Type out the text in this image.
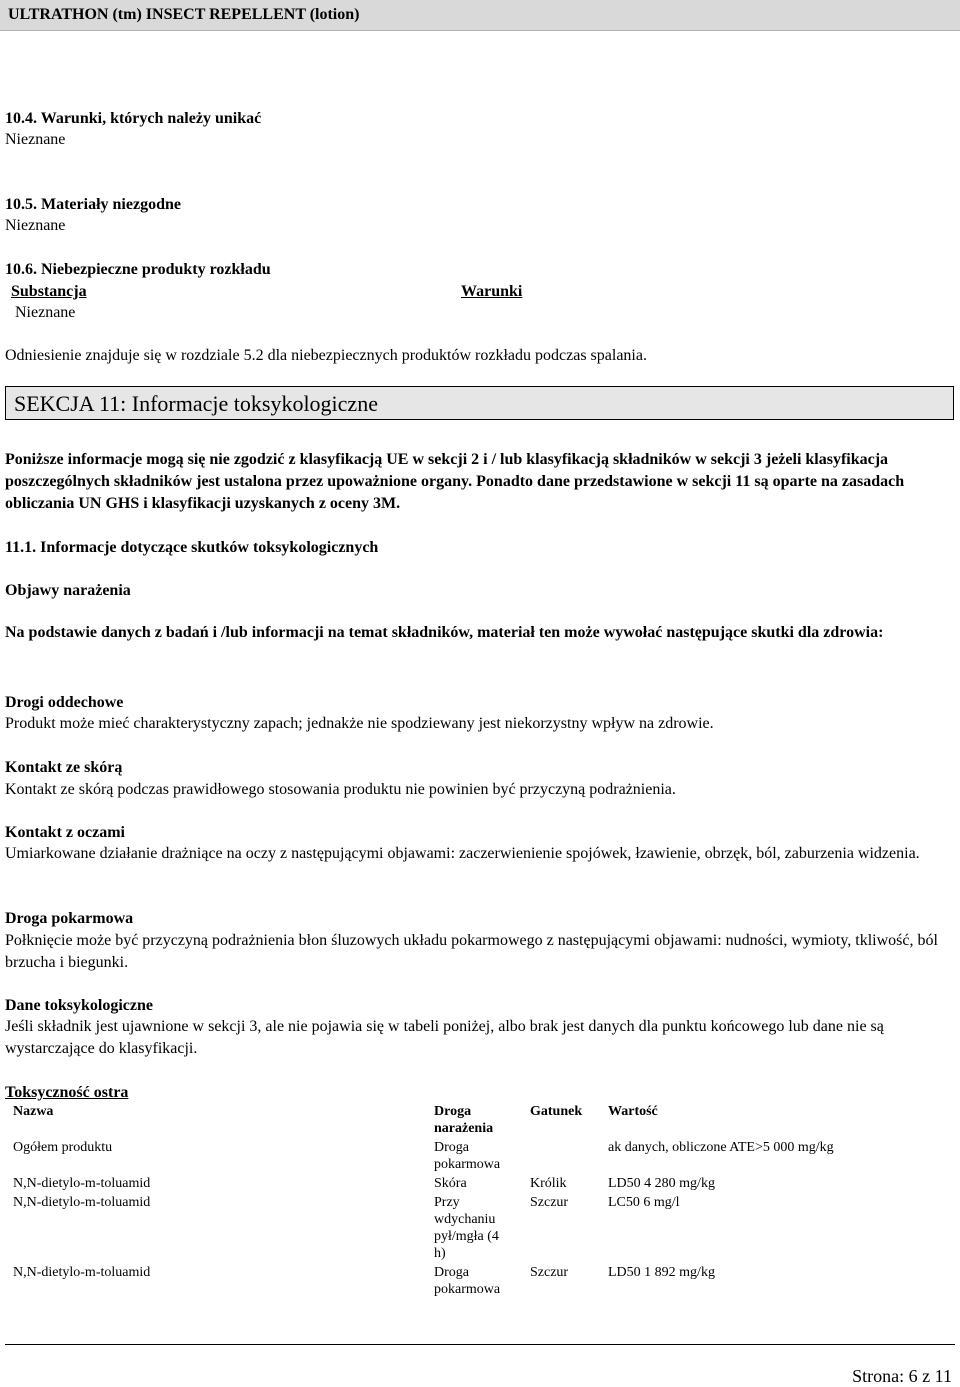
ULTRATHON (tm) INSECT REPELLENT (lotion)
10.4. Warunki, których należy unikać
Nieznane
10.5. Materiały niezgodne
Nieznane
10.6. Niebezpieczne produkty rozkładu
Substancja	Warunki
Nieznane
Odniesienie znajduje się w rozdziale 5.2 dla niebezpiecznych produktów rozkładu podczas spalania.
SEKCJA 11: Informacje toksykologiczne
Poniższe informacje mogą się nie zgodzić z klasyfikacją UE w sekcji 2 i / lub klasyfikacją składników w sekcji 3 jeżeli klasyfikacja poszczególnych składników jest ustalona przez upoważnione organy. Ponadto dane przedstawione w sekcji 11 są oparte na zasadach obliczania UN GHS i klasyfikacji uzyskanych z oceny 3M.
11.1. Informacje dotyczące skutków toksykologicznych
Objawy narażenia
Na podstawie danych z badań i /lub informacji na temat składników, materiał ten może wywołać następujące skutki dla zdrowia:
Drogi oddechowe
Produkt może mieć charakterystyczny zapach; jednakże nie spodziewany jest niekorzystny wpływ na zdrowie.
Kontakt ze skórą
Kontakt ze skórą podczas prawidłowego stosowania produktu nie powinien być przyczyną podrażnienia.
Kontakt z oczami
Umiarkowane działanie drażniące na oczy z następującymi objawami: zaczerwienienie spojówek, łzawienie, obrzęk, ból, zaburzenia widzenia.
Droga pokarmowa
Połknięcie może być przyczyną podrażnienia błon śluzowych układu pokarmowego z następującymi objawami: nudności, wymioty, tkliwość, ból brzucha i biegunki.
Dane toksykologiczne
Jeśli składnik jest ujawnione w sekcji 3, ale nie pojawia się w tabeli poniżej, albo brak jest danych dla punktu końcowego lub dane nie są wystarczające do klasyfikacji.
Toksyczność ostra
Nazwa	Droga narażenia	Gatunek	Wartość
Ogółem produktu	Droga pokarmowa		ak danych, obliczone ATE>5 000 mg/kg
N,N-dietylo-m-toluamid	Skóra	Królik	LD50 4 280 mg/kg
N,N-dietylo-m-toluamid	Przy wdychaniu pył/mgła (4 h)	Szczur	LC50 6 mg/l
N,N-dietylo-m-toluamid	Droga pokarmowa	Szczur	LD50 1 892 mg/kg
Strona: 6 z 11
